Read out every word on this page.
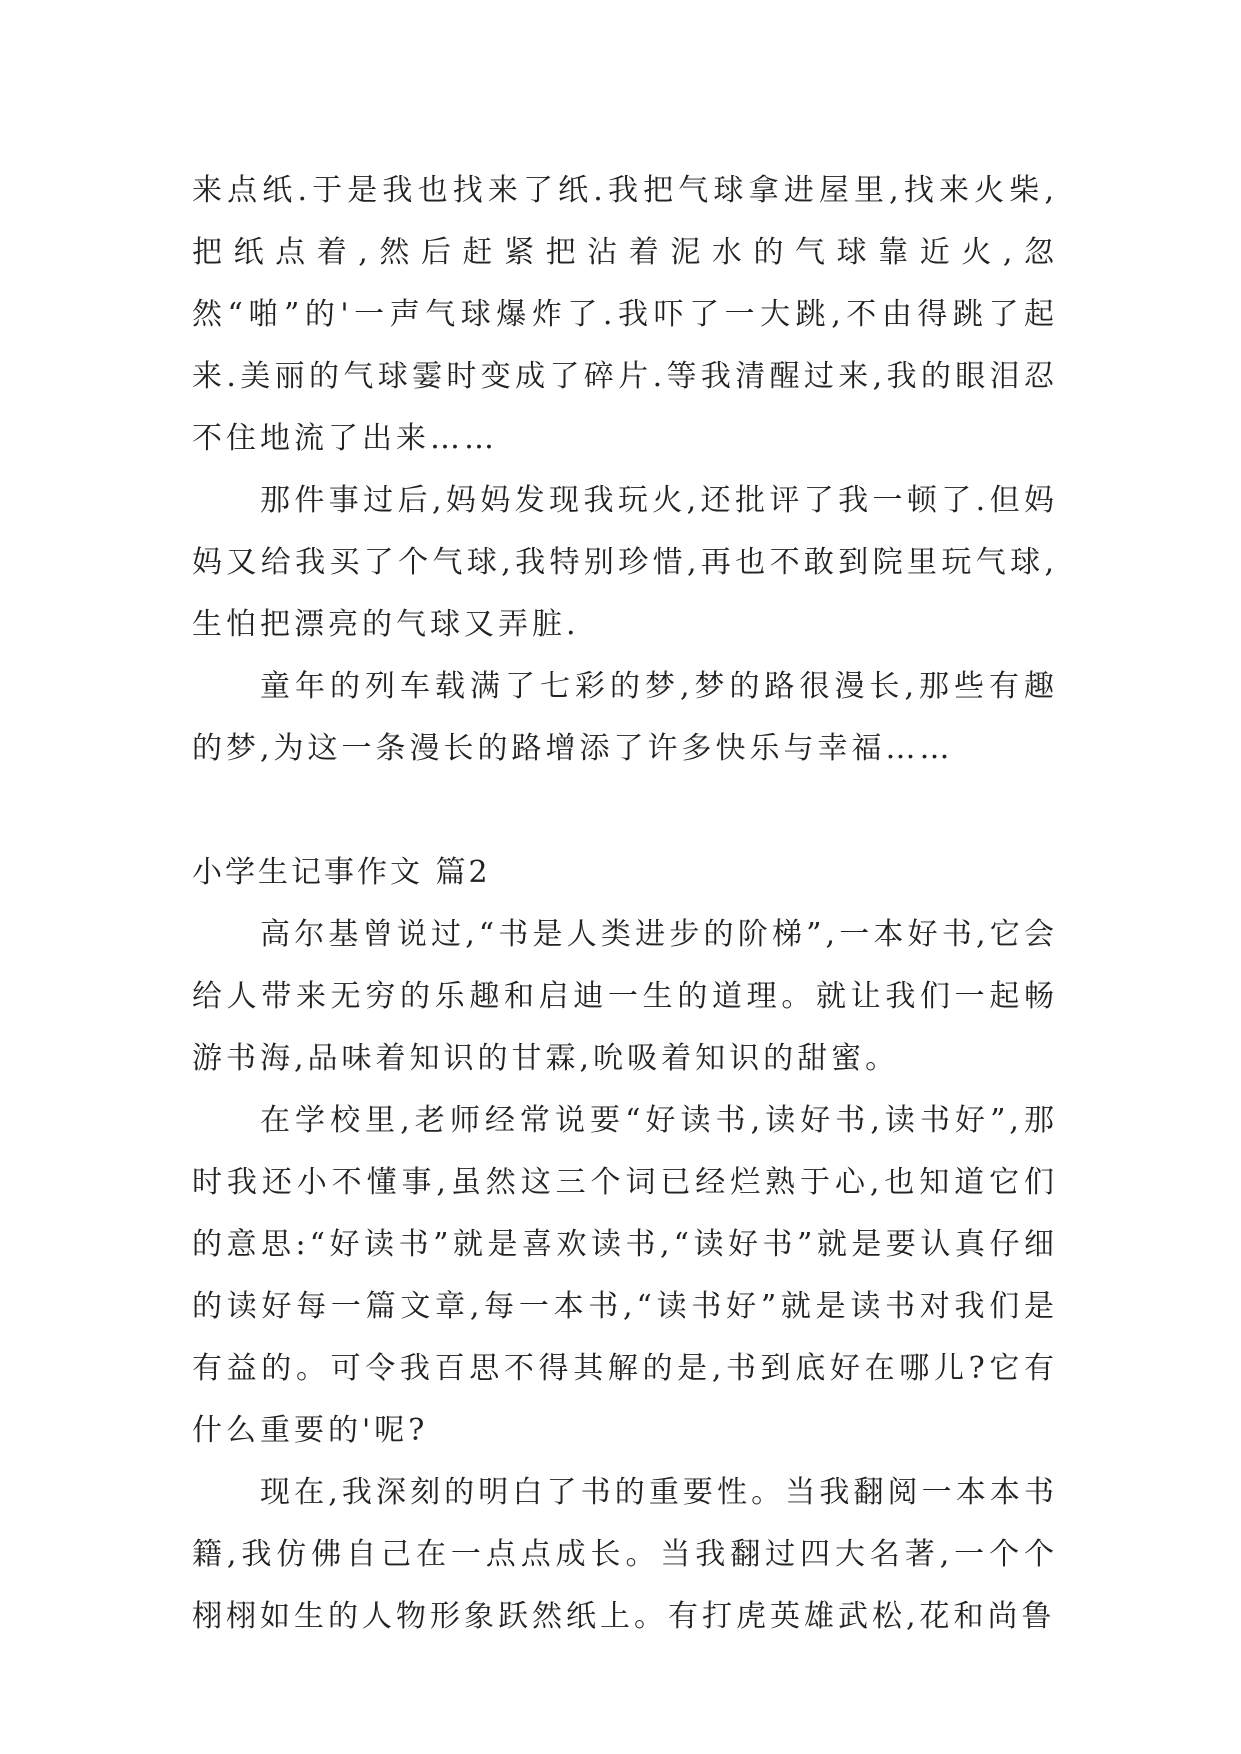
来点纸.于是我也找来了纸.我把气球拿进屋里,找来火柴,把纸点着,然后赶紧把沾着泥水的气球靠近火,忽然“啪”的'一声气球爆炸了.我吓了一大跳,不由得跳了起来.美丽的气球霎时变成了碎片.等我清醒过来,我的眼泪忍不住地流了出来……

那件事过后,妈妈发现我玩火,还批评了我一顿了.但妈妈又给我买了个气球,我特别珍惜,再也不敢到院里玩气球,生怕把漂亮的气球又弄脏.

童年的列车载满了七彩的梦,梦的路很漫长,那些有趣的梦,为这一条漫长的路增添了许多快乐与幸福……

小学生记事作文 篇2

高尔基曾说过,“书是人类进步的阶梯”,一本好书,它会给人带来无穷的乐趣和启迪一生的道理。就让我们一起畅游书海,品味着知识的甘霖,吮吸着知识的甜蜜。

在学校里,老师经常说要“好读书,读好书,读书好”,那时我还小不懂事,虽然这三个词已经烂熟于心,也知道它们的意思:“好读书”就是喜欢读书,“读好书”就是要认真仔细的读好每一篇文章,每一本书,“读书好”就是读书对我们是有益的。可令我百思不得其解的是,书到底好在哪儿?它有什么重要的'呢?

现在,我深刻的明白了书的重要性。当我翻阅一本本书籍,我仿佛自己在一点点成长。当我翻过四大名著,一个个栩栩如生的人物形象跃然纸上。有打虎英雄武松,花和尚鲁
